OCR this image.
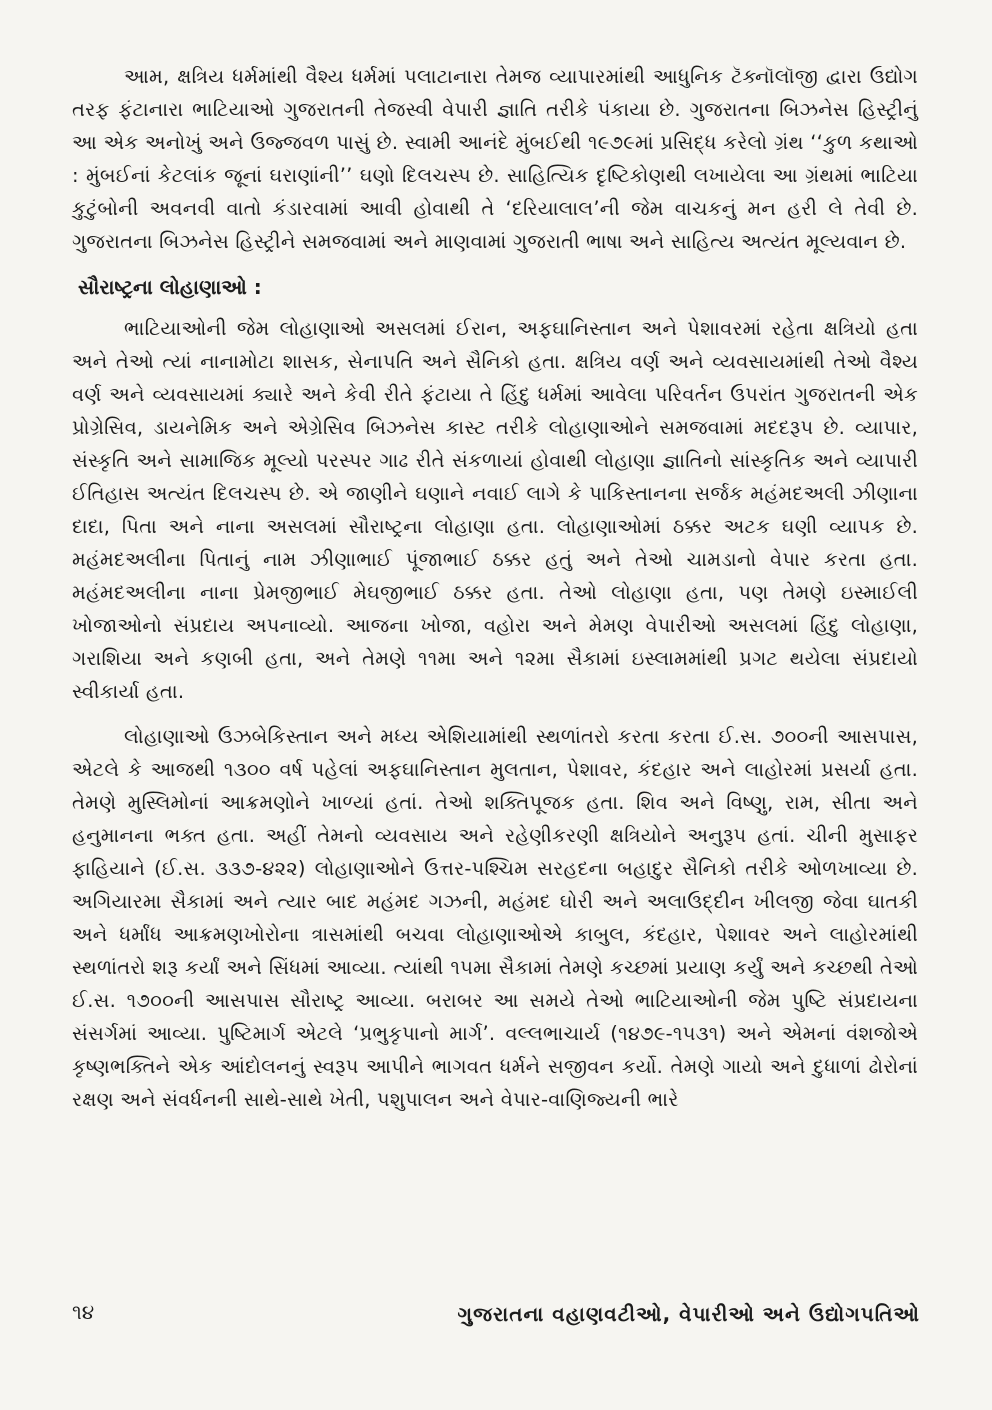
આમ, ક્ષત્રિય ધર્મમાંથી વૈશ્ય ધર્મમાં પલાટાનારા તેમજ વ્યાપારમાંથી આધુનિક ટૅક્નૉલૉજી દ્વારા ઉદ્યોગ તરફ ફંટાનારા ભાટિયાઓ ગુજરાતની તેજસ્વી વેપારી જ્ઞાતિ તરીકે પંકાયા છે. ગુજરાતના બિઝનેસ હિસ્ટ્રીનું આ એક અનોખું અને ઉજ્જવળ પાસું છે. સ્વામી આનંદે મુંબઈથી ૧૯૭૯માં પ્રસિદ્ધ કરેલો ગ્રંથ ‘‘કુળ કથાઓ : મુંબઈનાં કેટલાંક જૂનાં ઘરાણાંની’’ ઘણો દિલચસ્પ છે. સાહિત્યિક દૃષ્ટિકોણથી લખાયેલા આ ગ્રંથમાં ભાટિયા કુટુંબોની અવનવી વાતો કંડારવામાં આવી હોવાથી તે ‘દરિયાલાલ’ની જેમ વાચકનું મન હરી લે તેવી છે. ગુજરાતના બિઝનેસ હિસ્ટ્રીને સમજવામાં અને માણવામાં ગુજરાતી ભાષા અને સાહિત્ય અત્યંત મૂલ્યવાન છે.

સૌરાષ્ટ્રના લોહાણાઓ :

ભાટિયાઓની જેમ લોહાણાઓ અસલમાં ઈરાન, અફઘાનિસ્તાન અને પેશાવરમાં રહેતા ક્ષત્રિયો હતા અને તેઓ ત્યાં નાનામોટા શાસક, સેનાપતિ અને સૈનિકો હતા. ક્ષત્રિય વર્ણ અને વ્યવસાયમાંથી તેઓ વૈશ્ય વર્ણ અને વ્યવસાયમાં ક્યારે અને કેવી રીતે ફંટાયા તે હિંદુ ધર્મમાં આવેલા પરિવર્તન ઉપરાંત ગુજરાતની એક પ્રોગ્રેસિવ, ડાયનેમિક અને એગ્રેસિવ બિઝનેસ કાસ્ટ તરીકે લોહાણાઓને સમજવામાં મદદરૂપ છે. વ્યાપાર, સંસ્કૃતિ અને સામાજિક મૂલ્યો પરસ્પર ગાઢ રીતે સંકળાયાં હોવાથી લોહાણા જ્ઞાતિનો સાંસ્કૃતિક અને વ્યાપારી ઈતિહાસ અત્યંત દિલચસ્પ છે. એ જાણીને ઘણાને નવાઈ લાગે કે પાકિસ્તાનના સર્જક મહંમદઅલી ઝીણાના દાદા, પિતા અને નાના અસલમાં સૌરાષ્ટ્રના લોહાણા હતા. લોહાણાઓમાં ઠક્કર અટક ઘણી વ્યાપક છે. મહંમદઅલીના પિતાનું નામ ઝીણાભાઈ પૂંજાભાઈ ઠક્કર હતું અને તેઓ ચામડાનો વેપાર કરતા હતા. મહંમદઅલીના નાના પ્રેમજીભાઈ મેઘજીભાઈ ઠક્કર હતા. તેઓ લોહાણા હતા, પણ તેમણે ઇસ્માઈલી ખોજાઓનો સંપ્રદાય અપનાવ્યો. આજના ખોજા, વહોરા અને મેમણ વેપારીઓ અસલમાં હિંદુ લોહાણા, ગરાશિયા અને કણબી હતા, અને તેમણે ૧૧મા અને ૧૨મા સૈકામાં ઇસ્લામમાંથી પ્રગટ થયેલા સંપ્રદાયો સ્વીકાર્યા હતા.

લોહાણાઓ ઉઝબેકિસ્તાન અને મધ્ય એશિયામાંથી સ્થળાંતરો કરતા કરતા ઈ.સ. ૭૦૦ની આસપાસ, એટલે કે આજથી ૧૩૦૦ વર્ષ પહેલાં અફઘાનિસ્તાન મુલતાન, પેશાવર, કંદહાર અને લાહોરમાં પ્રસર્યા હતા. તેમણે મુસ્લિમોનાં આક્રમણોને ખાળ્યાં હતાં. તેઓ શક્તિપૂજક હતા. શિવ અને વિષ્ણુ, રામ, સીતા અને હનુમાનના ભક્ત હતા. અહીં તેમનો વ્યવસાય અને રહેણીકરણી ક્ષત્રિયોને અનુરૂપ હતાં. ચીની મુસાફર ફાહિયાને (ઈ.સ. ૩૩૭-૪૨૨) લોહાણાઓને ઉત્તર-પશ્ચિમ સરહદના બહાદુર સૈનિકો તરીકે ઓળખાવ્યા છે. અગિયારમા સૈકામાં અને ત્યાર બાદ મહંમદ ગઝની, મહંમદ ઘોરી અને અલાઉદ્દીન ખીલજી જેવા ઘાતકી અને ધર્માંધ આક્રમણખોરોના ત્રાસમાંથી બચવા લોહાણાઓએ કાબુલ, કંદહાર, પેશાવર અને લાહોરમાંથી સ્થળાંતરો શરૂ કર્યાં અને સિંધમાં આવ્યા. ત્યાંથી ૧૫મા સૈકામાં તેમણે કચ્છમાં પ્રયાણ કર્યું અને કચ્છથી તેઓ ઈ.સ. ૧૭૦૦ની આસપાસ સૌરાષ્ટ્ર આવ્યા. બરાબર આ સમયે તેઓ ભાટિયાઓની જેમ પુષ્ટિ સંપ્રદાયના સંસર્ગમાં આવ્યા. પુષ્ટિમાર્ગ એટલે ‘પ્રભુકૃપાનો માર્ગ’. વલ્લભાચાર્ય (૧૪૭૯-૧૫૩૧) અને એમનાં વંશજોએ કૃષ્ણભક્તિને એક આંદોલનનું સ્વરૂપ આપીને ભાગવત ધર્મને સજીવન કર્યો. તેમણે ગાયો અને દુધાળાં ઢોરોનાં રક્ષણ અને સંવર્ધનની સાથે-સાથે ખેતી, પશુપાલન અને વેપાર-વાણિજ્યની ભારે

૧૪	ગુજરાતના વહાણવટીઓ, વેપારીઓ અને ઉદ્યોગપતિઓ
